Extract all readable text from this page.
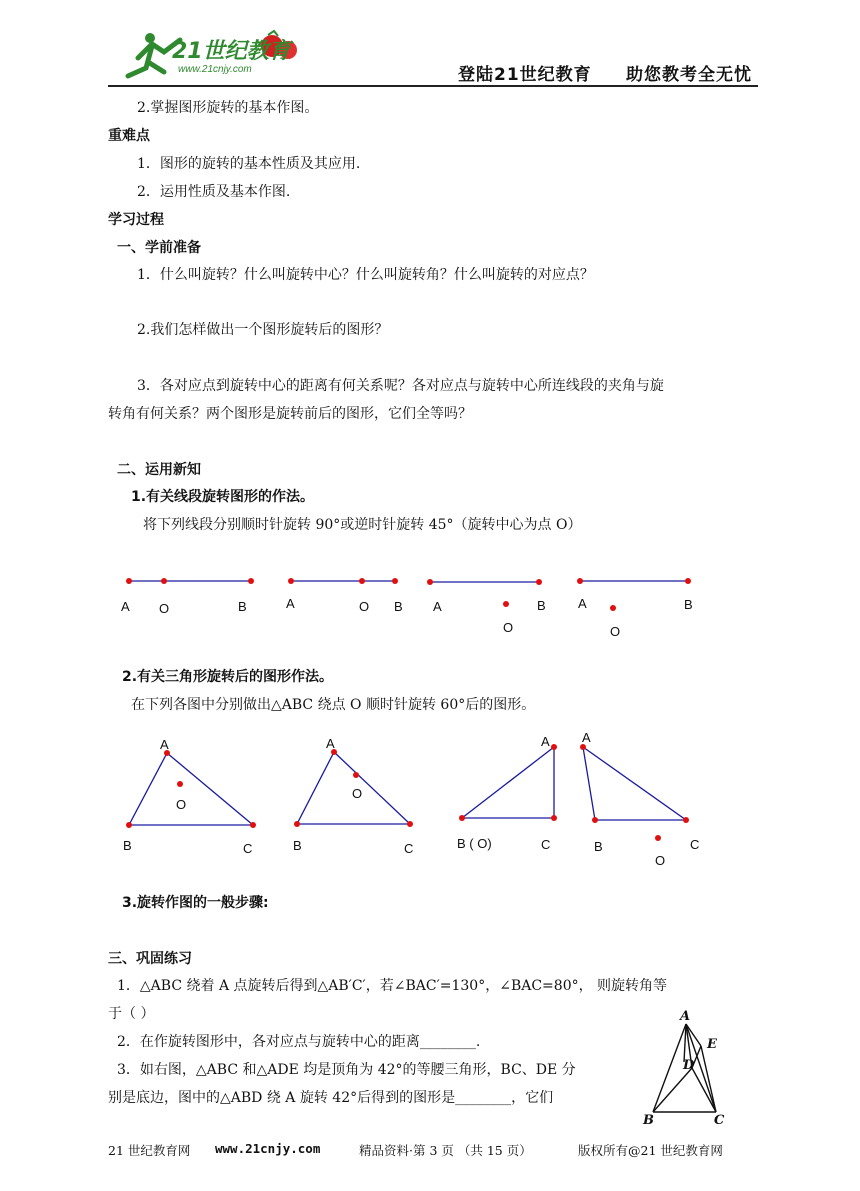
21世纪教育
www.21cnjy.com	登陆21世纪教育 助您教考全无忧
2.掌握图形旋转的基本作图。
重难点
1．图形的旋转的基本性质及其应用.
2．运用性质及基本作图.
学习过程
一、学前准备
1．什么叫旋转？什么叫旋转中心？什么叫旋转角？什么叫旋转的对应点？
2.我们怎样做出一个图形旋转后的图形？
3．各对应点到旋转中心的距离有何关系呢？各对应点与旋转中心所连线段的夹角与旋
转角有何关系？两个图形是旋转前后的图形，它们全等吗？
二、运用新知
1.有关线段旋转图形的作法。
将下列线段分别顺时针旋转 90°或逆时针旋转 45°（旋转中心为点 O）
A O	B	A	O B A
O
B A
O
B
2.有关三角形旋转后的图形作法。
在下列各图中分别做出△ABC 绕点 O 顺时针旋转 60°后的图形。
A
O
B	C
A
O
B	C
A
B ( O)	C
A
B
O
C
3.旋转作图的一般步骤:
三、巩固练习
1．△ABC 绕着 A 点旋转后得到△AB′C′，若∠BAC′=130°，∠BAC=80°， 则旋转角等
于（ ）
2．在作旋转图形中，各对应点与旋转中心的距离________.
3．如右图，△ABC 和△ADE 均是顶角为 42°的等腰三角形，BC、DE 分
别是底边，图中的△ABD 绕 A 旋转 42°后得到的图形是________，它们
A
E
D
B	C
21 世纪教育网 www.21cnjy.com	精品资料·第 3 页 （共 15 页）	版权所有@21 世纪教育网
